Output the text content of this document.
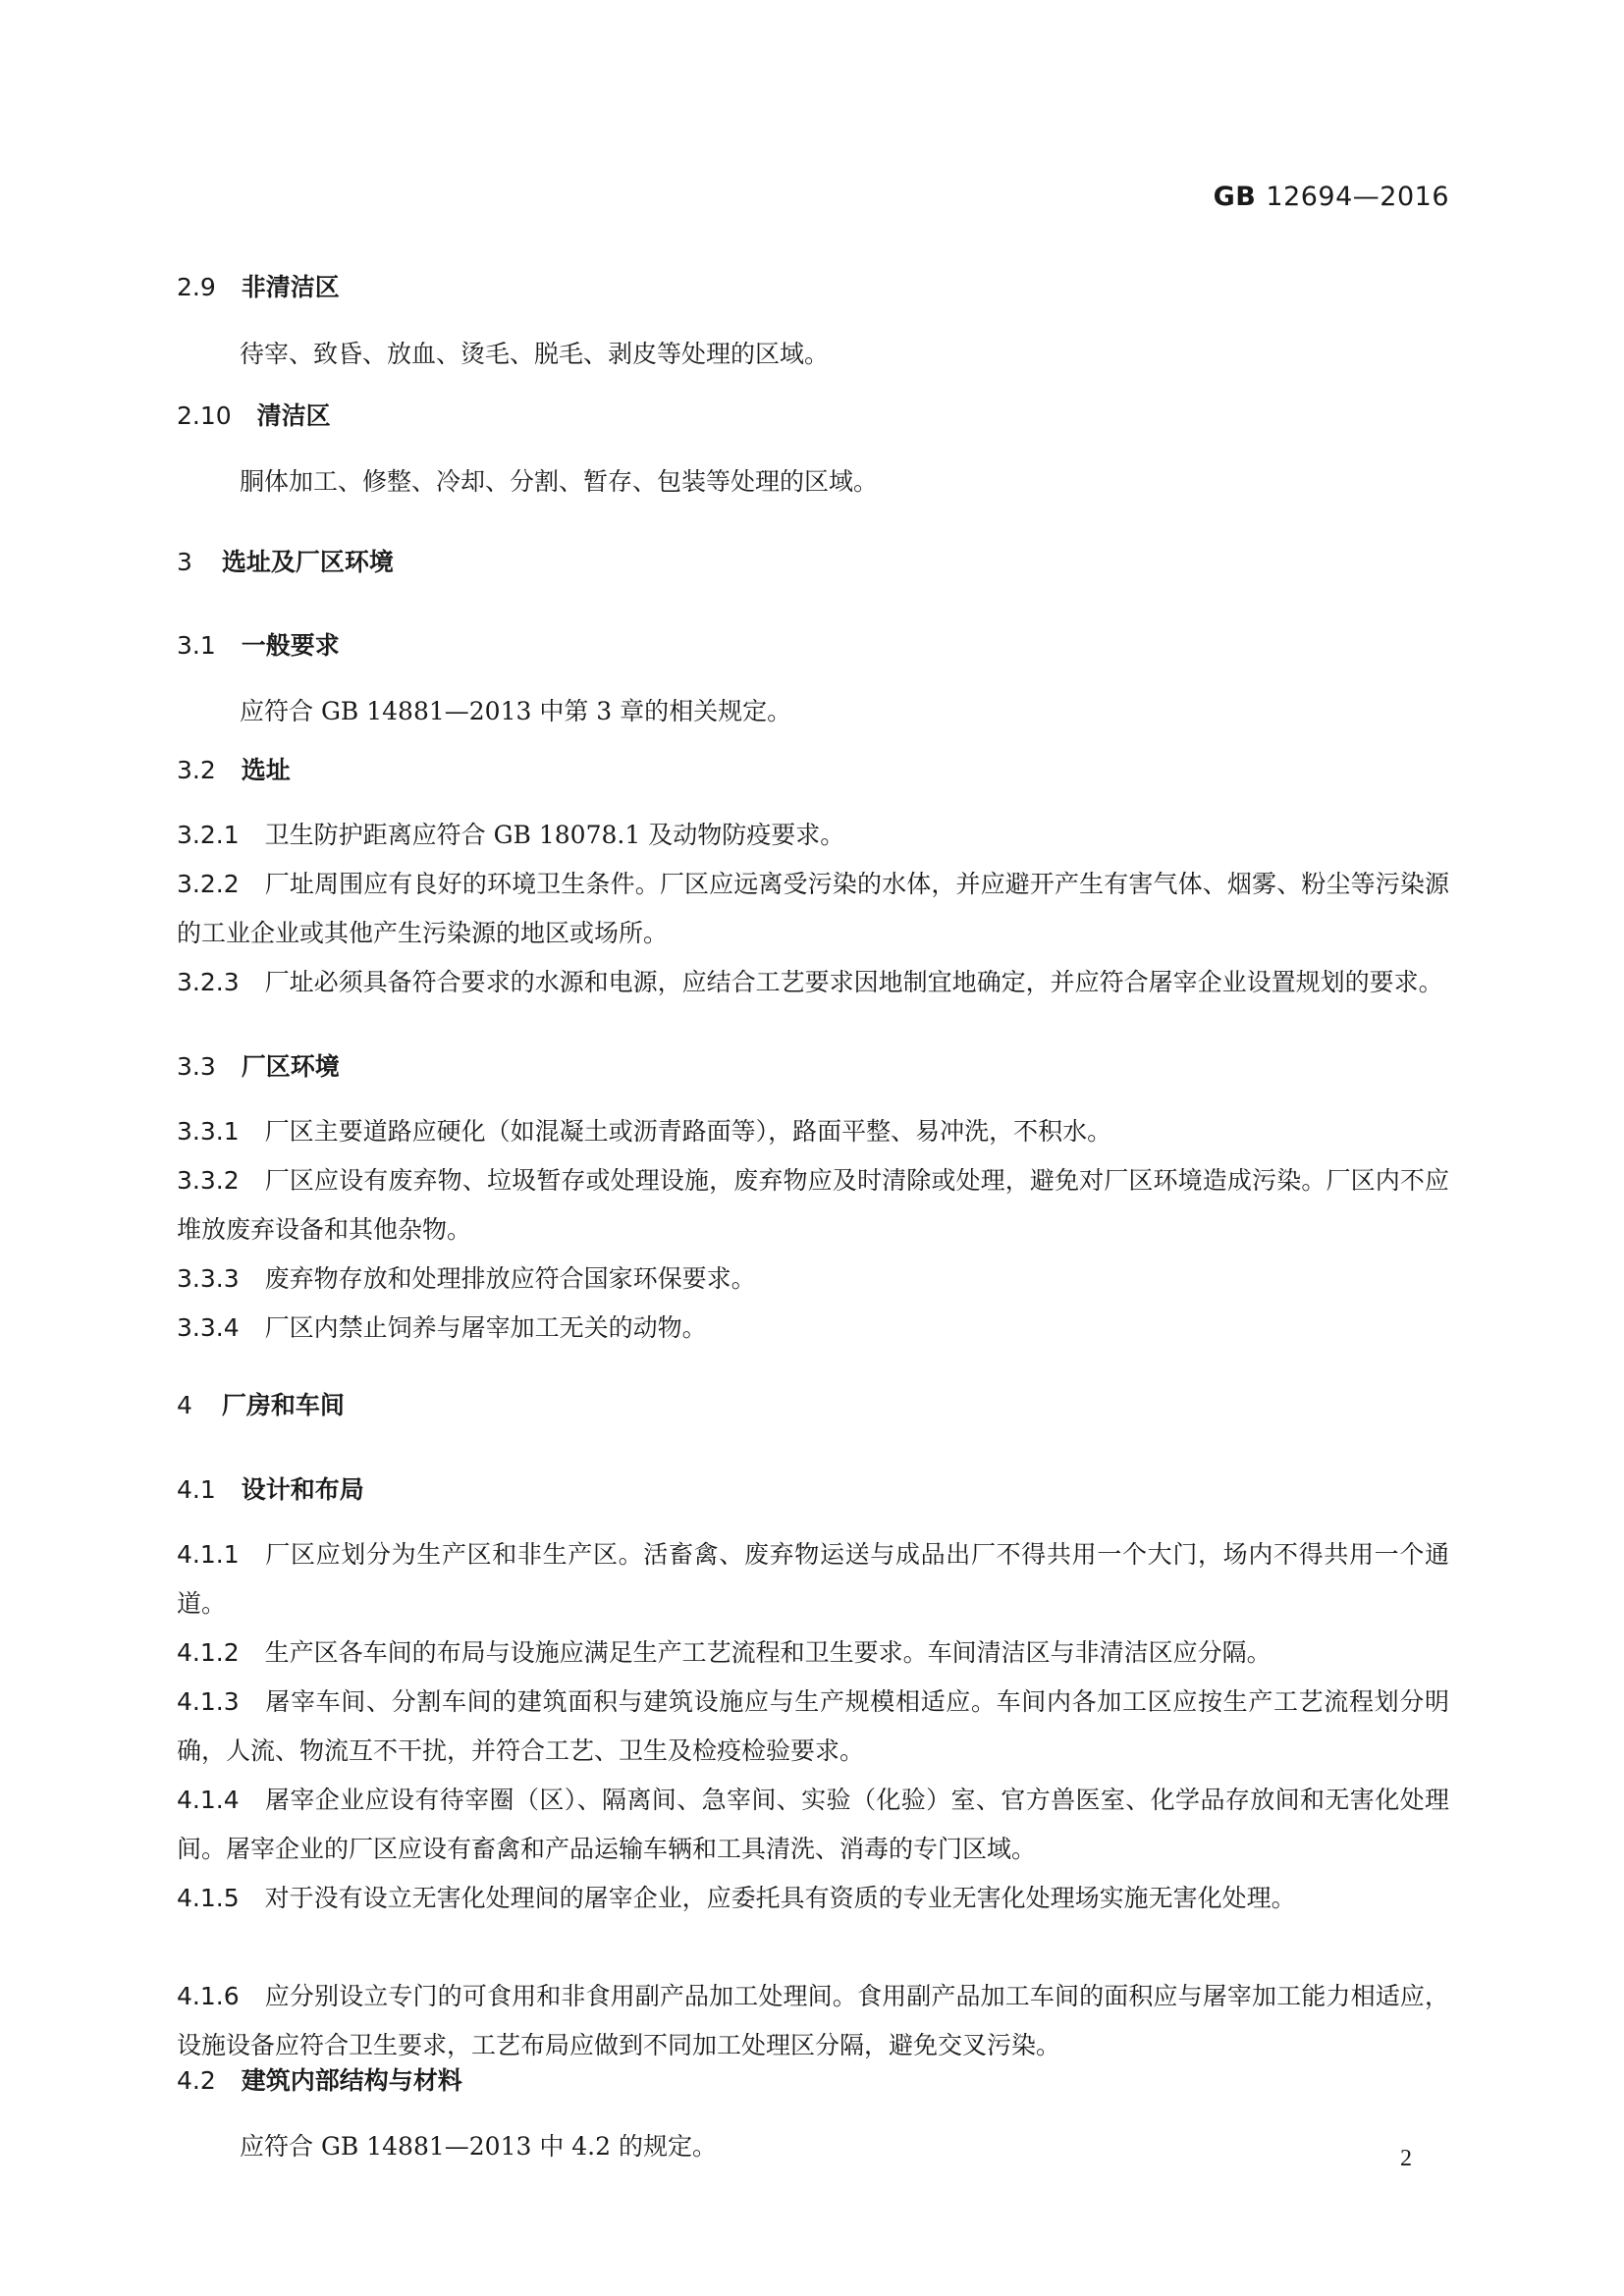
GB 12694—2016
2.9 非清洁区
待宰、致昏、放血、烫毛、脱毛、剥皮等处理的区域。
2.10 清洁区
胴体加工、修整、冷却、分割、暂存、包装等处理的区域。
3 选址及厂区环境
3.1 一般要求
应符合 GB 14881—2013 中第 3 章的相关规定。
3.2 选址
3.2.1 卫生防护距离应符合 GB 18078.1 及动物防疫要求。
3.2.2 厂址周围应有良好的环境卫生条件。厂区应远离受污染的水体，并应避开产生有害气体、烟雾、粉尘等污染源的工业企业或其他产生污染源的地区或场所。
3.2.3 厂址必须具备符合要求的水源和电源，应结合工艺要求因地制宜地确定，并应符合屠宰企业设置规划的要求。
3.3 厂区环境
3.3.1 厂区主要道路应硬化（如混凝土或沥青路面等），路面平整、易冲洗，不积水。
3.3.2 厂区应设有废弃物、垃圾暂存或处理设施，废弃物应及时清除或处理，避免对厂区环境造成污染。厂区内不应堆放废弃设备和其他杂物。
3.3.3 废弃物存放和处理排放应符合国家环保要求。
3.3.4 厂区内禁止饲养与屠宰加工无关的动物。
4 厂房和车间
4.1 设计和布局
4.1.1 厂区应划分为生产区和非生产区。活畜禽、废弃物运送与成品出厂不得共用一个大门，场内不得共用一个通道。
4.1.2 生产区各车间的布局与设施应满足生产工艺流程和卫生要求。车间清洁区与非清洁区应分隔。
4.1.3 屠宰车间、分割车间的建筑面积与建筑设施应与生产规模相适应。车间内各加工区应按生产工艺流程划分明确，人流、物流互不干扰，并符合工艺、卫生及检疫检验要求。
4.1.4 屠宰企业应设有待宰圈（区）、隔离间、急宰间、实验（化验）室、官方兽医室、化学品存放间和无害化处理间。屠宰企业的厂区应设有畜禽和产品运输车辆和工具清洗、消毒的专门区域。
4.1.5 对于没有设立无害化处理间的屠宰企业，应委托具有资质的专业无害化处理场实施无害化处理。
4.1.6 应分别设立专门的可食用和非食用副产品加工处理间。食用副产品加工车间的面积应与屠宰加工能力相适应，设施设备应符合卫生要求，工艺布局应做到不同加工处理区分隔，避免交叉污染。
4.2 建筑内部结构与材料
应符合 GB 14881—2013 中 4.2 的规定。	2
